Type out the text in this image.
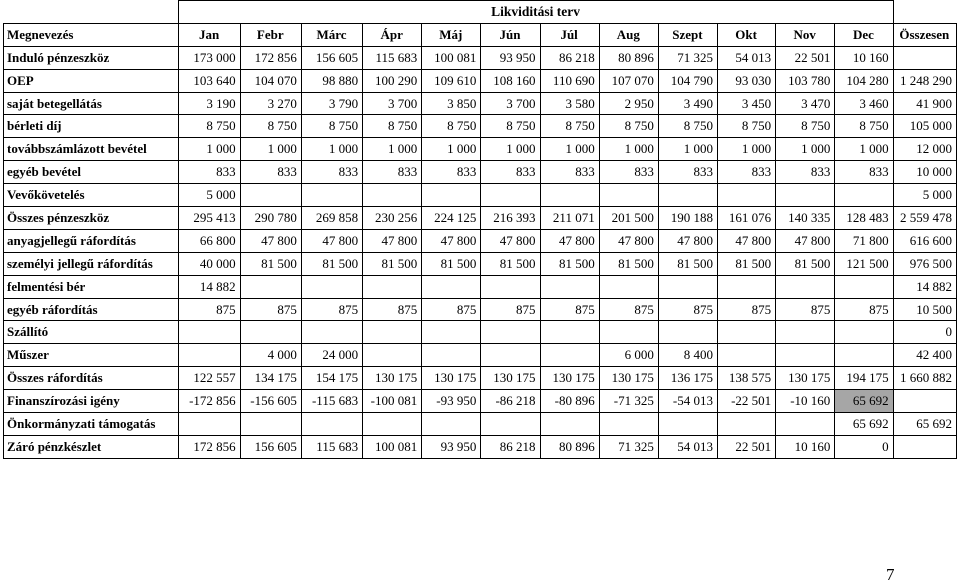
	Likviditási terv												
Megnevezés	Jan	Febr	Márc	Ápr	Máj	Jún	Júl	Aug	Szept	Okt	Nov	Dec	Összesen
Induló pénzeszköz	173 000	172 856	156 605	115 683	100 081	93 950	86 218	80 896	71 325	54 013	22 501	10 160	
OEP	103 640	104 070	98 880	100 290	109 610	108 160	110 690	107 070	104 790	93 030	103 780	104 280	1 248 290
saját betegellátás	3 190	3 270	3 790	3 700	3 850	3 700	3 580	2 950	3 490	3 450	3 470	3 460	41 900
bérleti díj	8 750	8 750	8 750	8 750	8 750	8 750	8 750	8 750	8 750	8 750	8 750	8 750	105 000
továbbszámlázott bevétel	1 000	1 000	1 000	1 000	1 000	1 000	1 000	1 000	1 000	1 000	1 000	1 000	12 000
egyéb bevétel	833	833	833	833	833	833	833	833	833	833	833	833	10 000
Vevőkövetelés	5 000												5 000
Összes pénzeszköz	295 413	290 780	269 858	230 256	224 125	216 393	211 071	201 500	190 188	161 076	140 335	128 483	2 559 478
anyagjellegű ráfordítás	66 800	47 800	47 800	47 800	47 800	47 800	47 800	47 800	47 800	47 800	47 800	71 800	616 600
személyi jellegű ráfordítás	40 000	81 500	81 500	81 500	81 500	81 500	81 500	81 500	81 500	81 500	81 500	121 500	976 500
felmentési bér	14 882												14 882
egyéb ráfordítás	875	875	875	875	875	875	875	875	875	875	875	875	10 500
Szállító													0
Műszer		4 000	24 000					6 000	8 400				42 400
Összes ráfordítás	122 557	134 175	154 175	130 175	130 175	130 175	130 175	130 175	136 175	138 575	130 175	194 175	1 660 882
Finanszírozási igény	-172 856	-156 605	-115 683	-100 081	-93 950	-86 218	-80 896	-71 325	-54 013	-22 501	-10 160	65 692	
Önkormányzati támogatás												65 692	65 692
Záró pénzkészlet	172 856	156 605	115 683	100 081	93 950	86 218	80 896	71 325	54 013	22 501	10 160	0	
7
